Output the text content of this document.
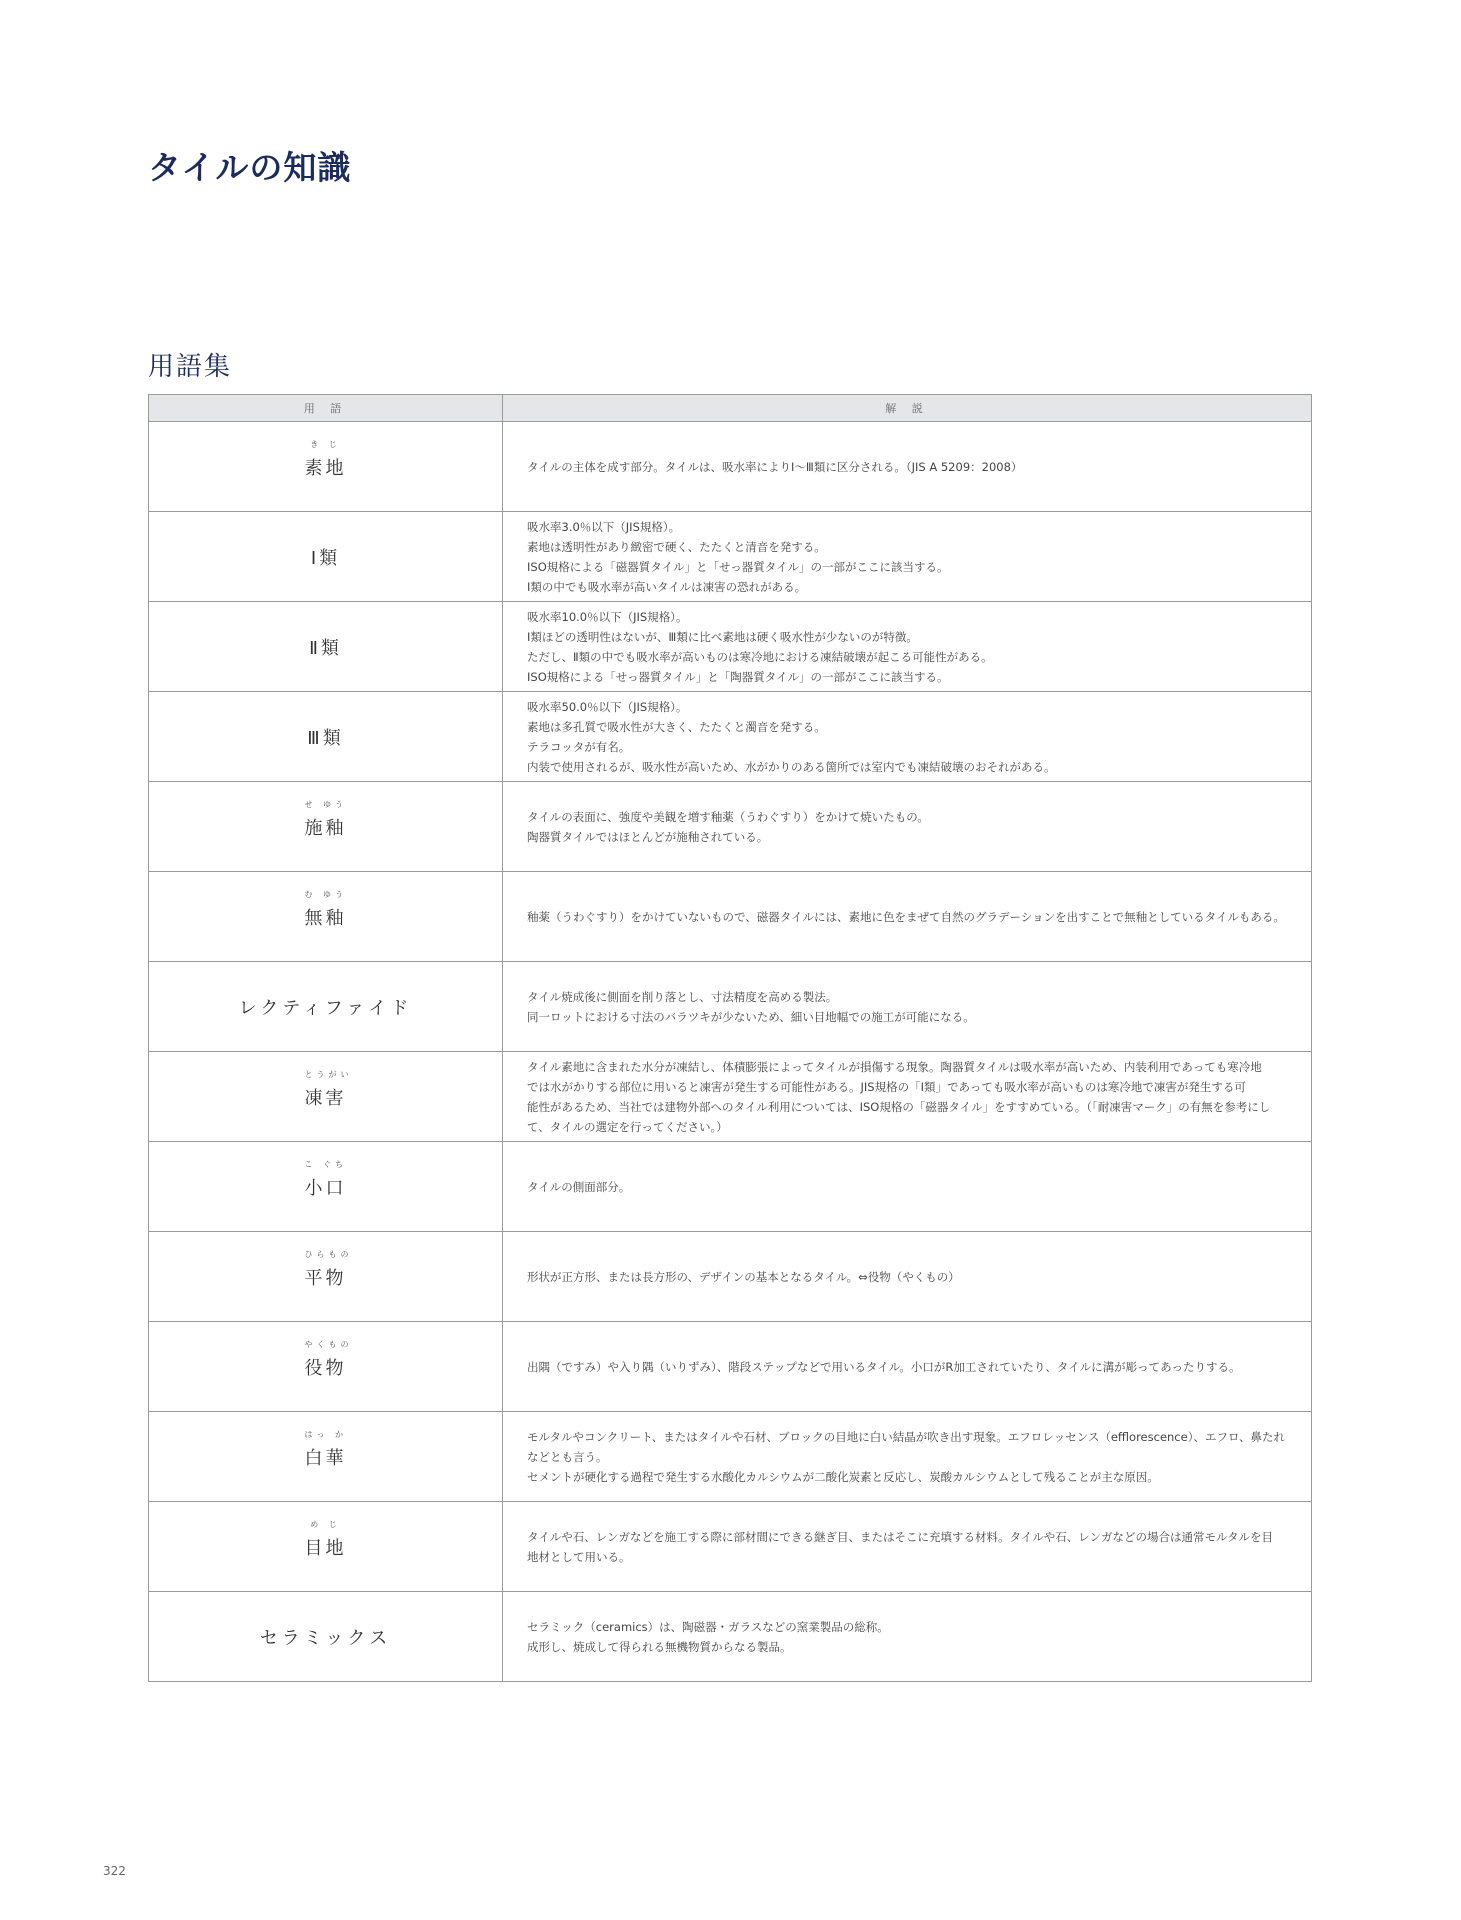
タイルの知識
用語集
用 語	解 説

き じ
素地	タイルの主体を成す部分。タイルは、吸水率によりⅠ〜Ⅲ類に区分される。（JIS A 5209：2008）

Ⅰ類	吸水率3.0％以下（JIS規格）。
素地は透明性があり緻密で硬く、たたくと清音を発する。
ISO規格による「磁器質タイル」と「せっ器質タイル」の一部がここに該当する。
Ⅰ類の中でも吸水率が高いタイルは凍害の恐れがある。

Ⅱ類	吸水率10.0％以下（JIS規格）。
Ⅰ類ほどの透明性はないが、Ⅲ類に比べ素地は硬く吸水性が少ないのが特徴。
ただし、Ⅱ類の中でも吸水率が高いものは寒冷地における凍結破壊が起こる可能性がある。
ISO規格による「せっ器質タイル」と「陶器質タイル」の一部がここに該当する。

Ⅲ類	吸水率50.0％以下（JIS規格）。
素地は多孔質で吸水性が大きく、たたくと濁音を発する。
テラコッタが有名。
内装で使用されるが、吸水性が高いため、水がかりのある箇所では室内でも凍結破壊のおそれがある。

せ ゆう
施釉	タイルの表面に、強度や美観を増す釉薬（うわぐすり）をかけて焼いたもの。
陶器質タイルではほとんどが施釉されている。

む ゆう
無釉	釉薬（うわぐすり）をかけていないもので、磁器タイルには、素地に色をまぜて自然のグラデーションを出すことで無釉としているタイルもある。

レクティファイド	タイル焼成後に側面を削り落とし、寸法精度を高める製法。
同一ロットにおける寸法のバラツキが少ないため、細い目地幅での施工が可能になる。

とうがい
凍害	タイル素地に含まれた水分が凍結し、体積膨張によってタイルが損傷する現象。陶器質タイルは吸水率が高いため、内装利用であっても寒冷地
では水がかりする部位に用いると凍害が発生する可能性がある。JIS規格の「Ⅰ類」であっても吸水率が高いものは寒冷地で凍害が発生する可
能性があるため、当社では建物外部へのタイル利用については、ISO規格の「磁器タイル」をすすめている。（「耐凍害マーク」の有無を参考にし
て、タイルの選定を行ってください。）

こ ぐち
小口	タイルの側面部分。

ひらもの
平物	形状が正方形、または長方形の、デザインの基本となるタイル。⇔役物（やくもの）

やくもの
役物	出隅（ですみ）や入り隅（いりずみ）、階段ステップなどで用いるタイル。小口がR加工されていたり、タイルに溝が彫ってあったりする。

はっ か
白華	モルタルやコンクリート、またはタイルや石材、ブロックの目地に白い結晶が吹き出す現象。エフロレッセンス（efflorescence）、エフロ、鼻たれ
などとも言う。
セメントが硬化する過程で発生する水酸化カルシウムが二酸化炭素と反応し、炭酸カルシウムとして残ることが主な原因。

め じ
目地	タイルや石、レンガなどを施工する際に部材間にできる継ぎ目、またはそこに充填する材料。タイルや石、レンガなどの場合は通常モルタルを目
地材として用いる。

セラミックス	セラミック（ceramics）は、陶磁器・ガラスなどの窯業製品の総称。
成形し、焼成して得られる無機物質からなる製品。
322
